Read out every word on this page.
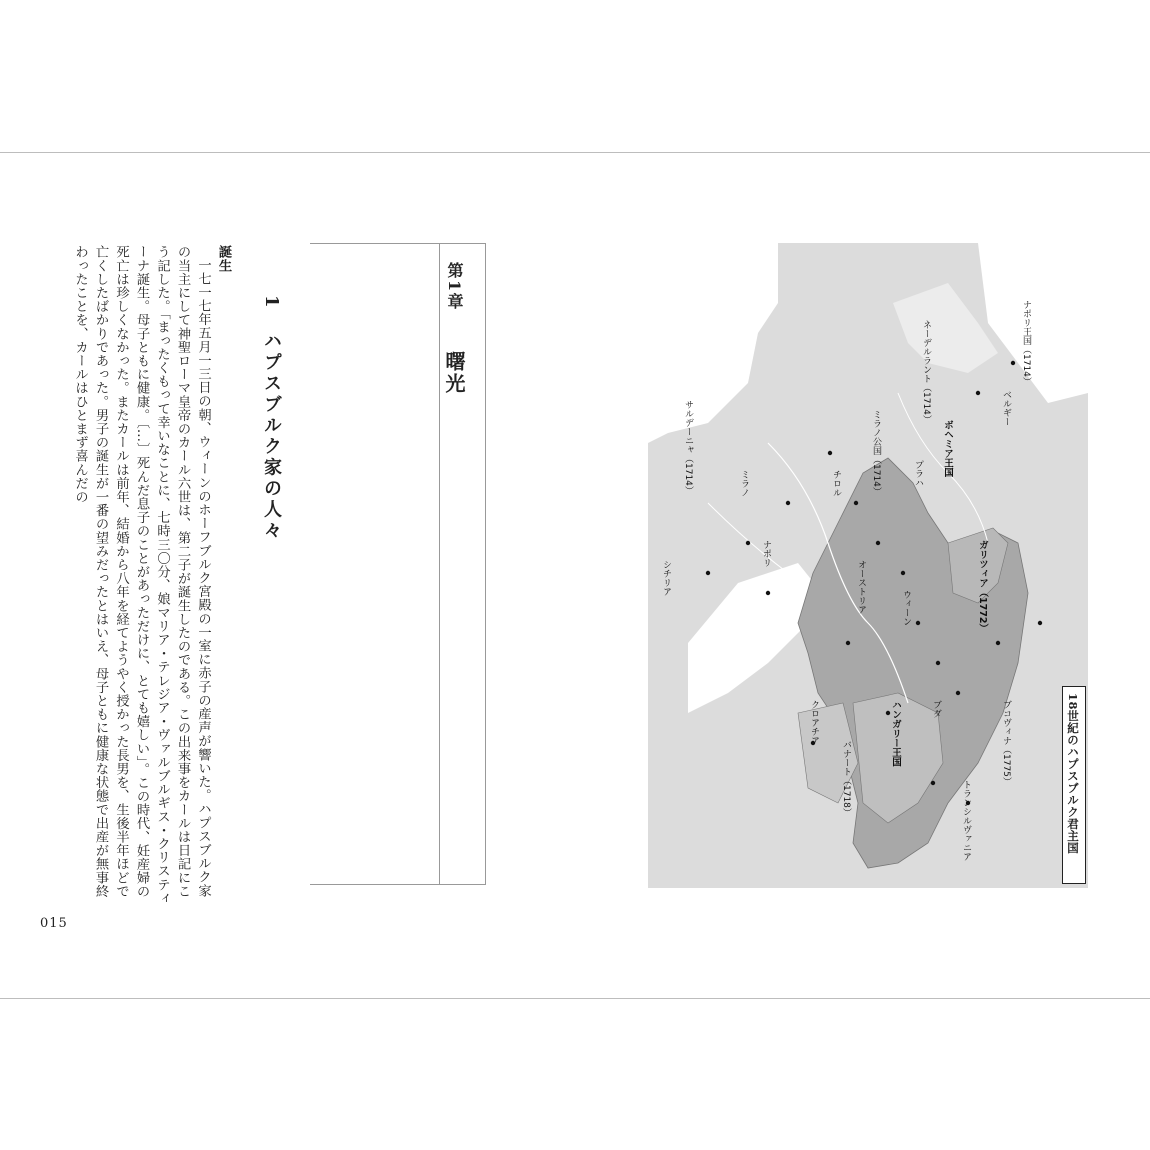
誕生

一七一七年五月一三日の朝、ウィーンのホーフブルク宮殿の一室に赤子の産声が響いた。ハプスブルク家の当主にして神聖ローマ皇帝のカール六世は、第二子が誕生したのである。この出来事をカールは日記にこう記した。「まったくもって幸いなことに、七時三〇分、娘マリア・テレジア・ヴァルブルギス・クリスティーナ誕生。母子ともに健康。〔…〕死んだ息子のことがあっただけに、とても嬉しい」。この時代、妊産婦の死亡は珍しくなかった。またカールは前年、結婚から八年を経てようやく授かった長男を、生後半年ほどで亡くしたばかりであった。男子の誕生が一番の望みだったとはいえ、母子ともに健康な状態で出産が無事終わったことを、カールはひとまず喜んだの

015
第1章  曙光
1　ハプスブルク家の人々	ネーデルラント（1714）
ミラノ公国（1714）
ナポリ王国（1714）
サルデーニャ（1714）	ボヘミア王国
ハンガリー王国
オーストリア
チロル
ウィーン
プラハ
ブダ
ガリツィア（1772）
ブコヴィナ（1775）
トランシルヴァニア
バナート（1718）
クロアチア
ベルギー
ミラノ
ナポリ
シチリア
18世紀のハプスブルク君主国
